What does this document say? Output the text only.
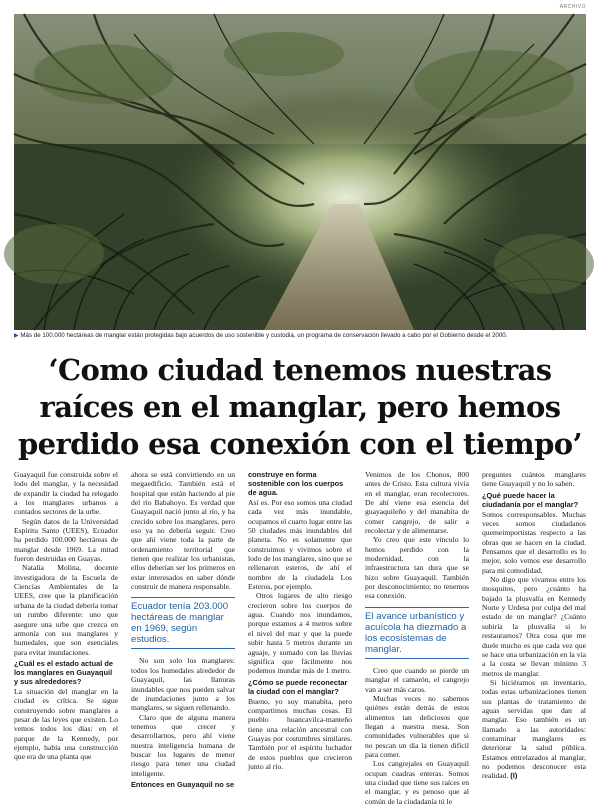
ARCHIVO
▶ Más de 100.000 hectáreas de manglar están protegidas bajo acuerdos de uso sostenible y custodia, un programa de conservación llevado a cabo por el Gobierno desde el 2000.
‘Como ciudad tenemos nuestras raíces en el manglar, pero hemos perdido esa conexión con el tiempo’

Guayaquil fue construida sobre el lodo del manglar, y la necesidad de expandir la ciudad ha relegado a los manglares urbanos a contados sectores de la urbe.

Según datos de la Universidad Espíritu Santo (UEES), Ecuador ha perdido 100.000 hectáreas de manglar desde 1969. La mitad fueron destruidas en Guayas.

Natalia Molina, docente investigadora de la Escuela de Ciencias Ambientales de la UEES, cree que la planificación urbana de la ciudad debería tomar un rumbo diferente: uno que asegure una urbe que crezca en armonía con sus manglares y humedales, que son esenciales para evitar inundaciones.

¿Cuál es el estado actual de los manglares en Guayaquil y sus alrededores?

La situación del manglar en la ciudad es crítica. Se sigue construyendo sobre manglares a pesar de las leyes que existen. Lo vemos todos los días: en el parque de la Kennedy, por ejemplo, había una construcción que era de una planta que

ahora se está convirtiendo en un megaedificio. También está el hospital que están haciendo al pie del río Babahoyo. Es verdad que Guayaquil nació junto al río, y ha crecido sobre los manglares, pero eso ya no debería seguir. Creo que ahí viene toda la parte de ordenamiento territorial que tienen que realizar los urbanistas, ellos deberían ser los primeros en estar interesados en saber dónde construir de manera responsable.

Ecuador tenía 203.000 hectáreas de manglar en 1969, según estudios.

No son solo los manglares: todos los humedales alrededor de Guayaquil, las llanuras inundables que nos pueden salvar de inundaciones junto a los manglares, se siguen rellenando.

Claro que de alguna manera tenemos que crecer y desarrollarnos, pero ahí viene nuestra inteligencia humana de buscar los lugares de menor riesgo para tener una ciudad inteligente.

Entonces en Guayaquil no se
construye en forma sostenible con los cuerpos de agua.

Así es. Por eso somos una ciudad cada vez más inundable, ocupamos el cuarto lugar entre las 50 ciudades más inundables del planeta. No es solamente que construimos y vivimos sobre el lodo de los manglares, sino que se rellenaron esteros, de ahí el nombre de la ciudadela Los Esteros, por ejemplo.

Otros lugares de alto riesgo crecieron sobre los cuerpos de agua. Cuando nos inundamos, porque estamos a 4 metros sobre el nivel del mar y que la puede subir hasta 5 metros durante un aguaje, y sumado con las lluvias significa que fácilmente nos podemos inundar más de 1 metro.

¿Cómo se puede reconectar la ciudad con el manglar?

Bueno, yo soy manabita, pero compartimos muchas cosas. El pueblo huancavilca-manteño tiene una relación ancestral con Guayas por costumbres similares. También por el espíritu luchador de estos pueblos que crecieron junto al río.

Venimos de los Chonos, 800 antes de Cristo. Esta cultura vivía en el manglar, eran recolectores. De ahí viene esa esencia del guayaquileño y del manabita de comer cangrejo, de salir a recolectar y de alimentarse.

Yo creo que este vínculo lo hemos perdido con la modernidad, con la infraestructura tan dura que se hizo sobre Guayaquil. También por desconocimiento; no tenemos esa conexión.

El avance urbanístico y acuícola ha diezmado a los ecosistemas de manglar.

Creo que cuando se pierde un manglar el camarón, el cangrejo van a ser más caros.

Muchas veces no sabemos quiénes están detrás de estos alimentos tan deliciosos que llegan a nuestra mesa. Son comunidades vulnerables que si no pescan un día la tienen difícil para comer.

Los cangrejales en Guayaquil ocupan cuadras enteras. Somos una ciudad que tiene sus raíces en el manglar, y es penoso que al común de la ciudadanía tú le

preguntes cuántos manglares tiene Guayaquil y no lo saben.

¿Qué puede hacer la ciudadanía por el manglar?

Somos corresponsables. Muchas veces somos ciudadanos quemeimportistas respecto a las obras que se hacen en la ciudad. Pensamos que el desarrollo es lo mejor, solo vemos ese desarrollo para mi comodidad.

No digo que vivamos entre los mosquitos, pero ¿cuánto ha bajado la plusvalía en Kennedy Norte y Urdesa por culpa del mal estado de un manglar? ¿Cuánto subiría la plusvalía si lo restauramos? Otra cosa que me duele mucho es que cada vez que se hace una urbanización en la vía a la costa se llevan mínimo 3 metros de manglar.

Si hiciéramos un inventario, todas estas urbanizaciones tienen sus plantas de tratamiento de aguas servidas que dan al manglar. Eso también es un llamado a las autoridades: contaminar manglares es deteriorar la salud pública. Estamos entrelazados al manglar, no podemos desconocer esta realidad. (I)
